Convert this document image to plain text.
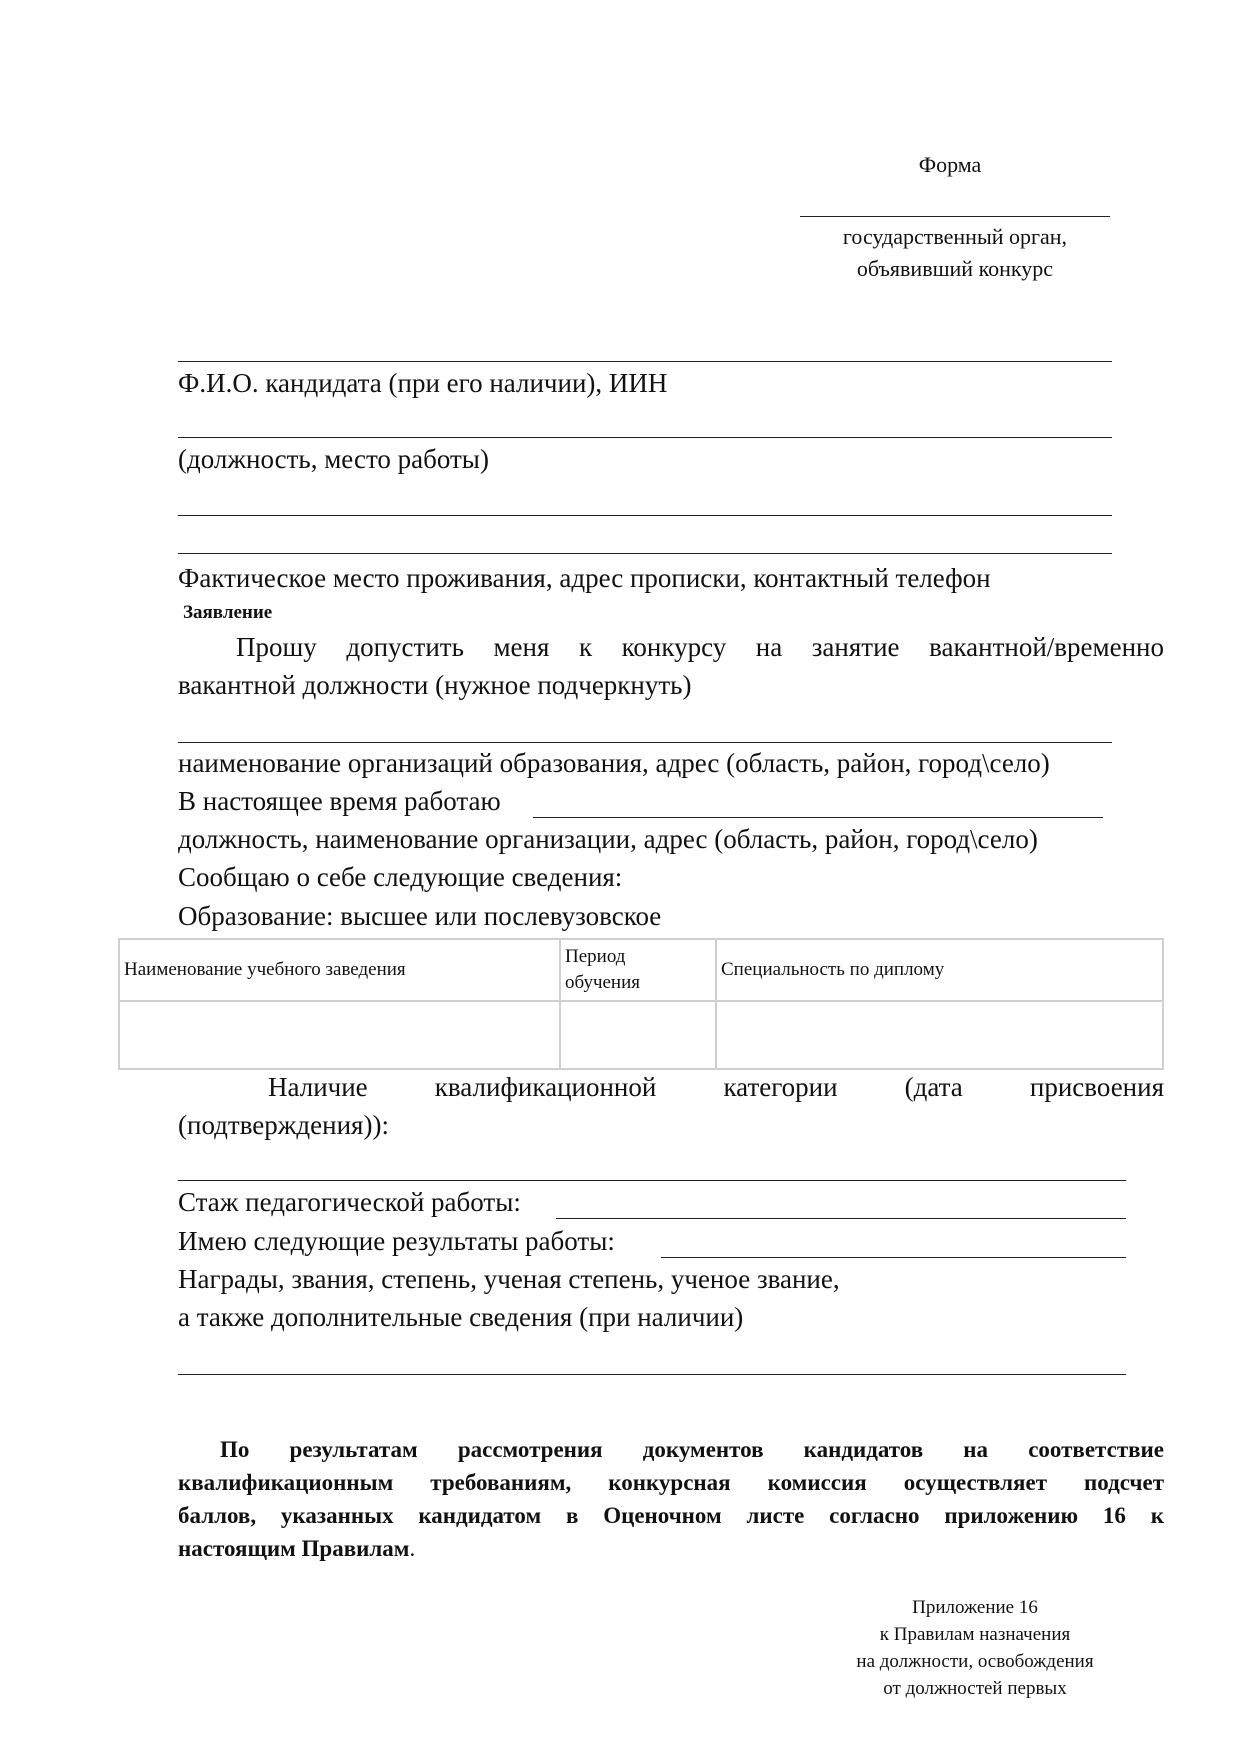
Форма
государственный орган,
объявивший конкурс
Ф.И.О. кандидата (при его наличии), ИИН
(должность, место работы)
Фактическое место проживания, адрес прописки, контактный телефон
Заявление
Прошу допустить меня к конкурсу на занятие вакантной/временно
вакантной должности (нужное подчеркнуть)
наименование организаций образования, адрес (область, район, город\село)
В настоящее время работаю
должность, наименование организации, адрес (область, район, город\село)
Сообщаю о себе следующие сведения:
Образование: высшее или послевузовское
Наименование учебного заведения	Период обучения	Специальность по диплому

Наличие квалификационной категории (дата присвоения
(подтверждения)):
Стаж педагогической работы:
Имею следующие результаты работы:
Награды, звания, степень, ученая степень, ученое звание,
а также дополнительные сведения (при наличии)
По результатам рассмотрения документов кандидатов на соответствие
квалификационным требованиям, конкурсная комиссия осуществляет подсчет
баллов, указанных кандидатом в Оценочном листе согласно приложению 16 к
настоящим Правилам.
Приложение 16
к Правилам назначения
на должности, освобождения
от должностей первых
